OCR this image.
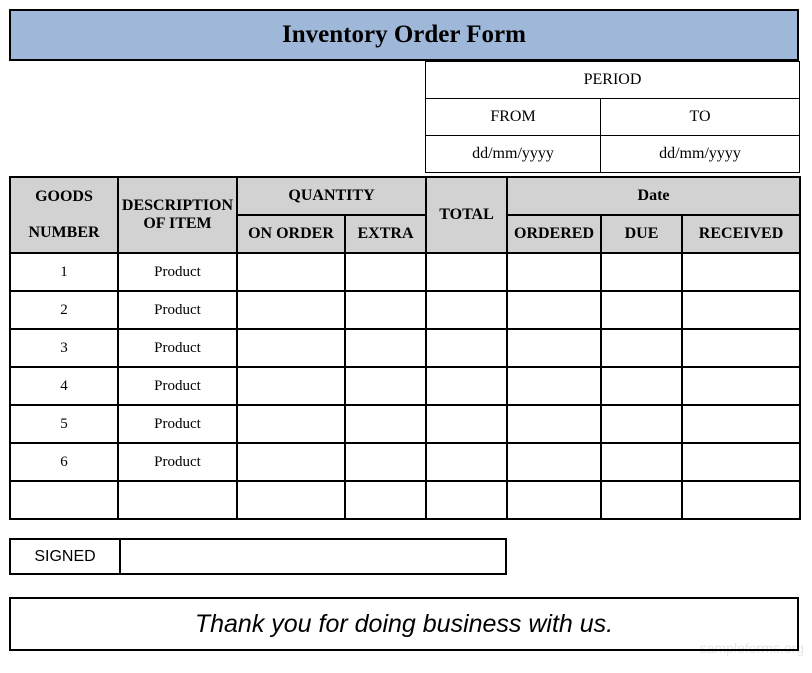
Inventory Order Form
PERIOD	
FROM	TO
dd/mm/yyyy	dd/mm/yyyy
GOODS
NUMBER	DESCRIPTION OF ITEM	QUANTITY		TOTAL	Date		
		ON ORDER	EXTRA		ORDERED	DUE	RECEIVED
1	Product						
2	Product						
3	Product						
4	Product						
5	Product						
6	Product						

SIGNED
Thank you for doing business with us.
sampleforms.org
